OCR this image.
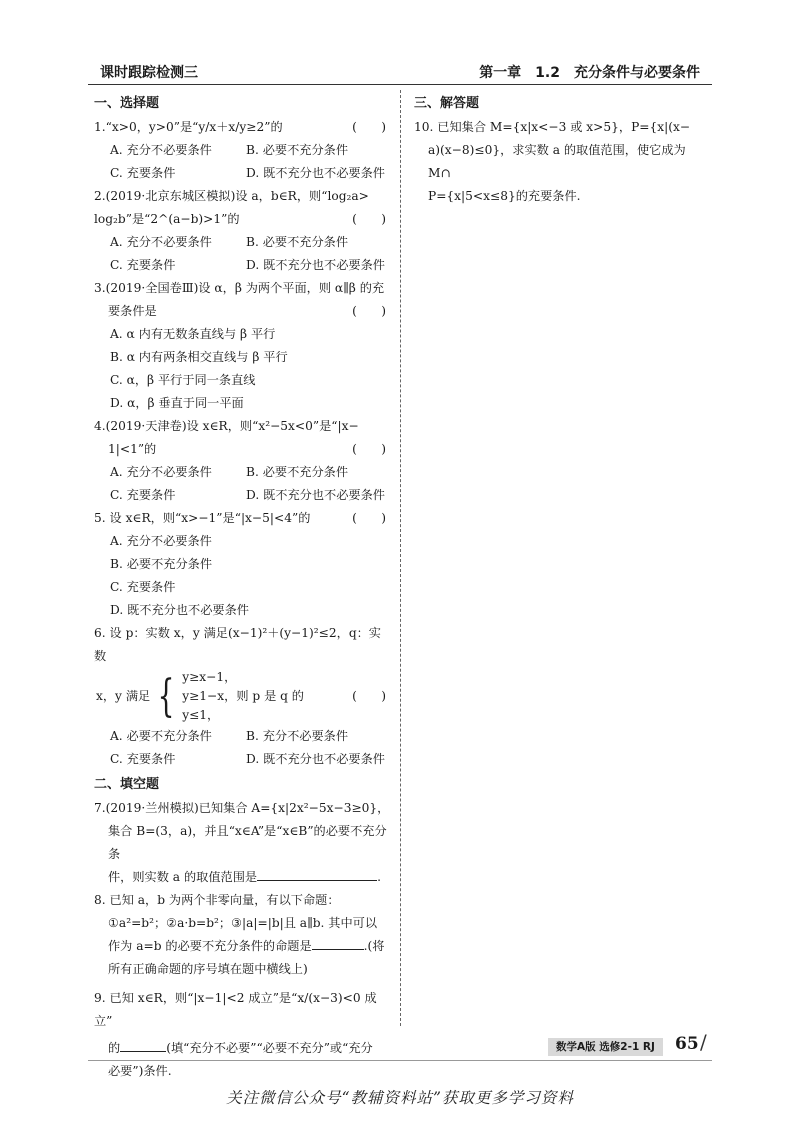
课时跟踪检测三	第一章　1.2　充分条件与必要条件
一、选择题
1.“x>0，y>0”是“y/x＋x/y≥2”的	(　　)
A. 充分不必要条件	B. 必要不充分条件
C. 充要条件	D. 既不充分也不必要条件
2.(2019·北京东城区模拟)设 a，b∈R，则“log₂a>
log₂b”是“2^(a−b)>1”的	(　　)
A. 充分不必要条件	B. 必要不充分条件
C. 充要条件	D. 既不充分也不必要条件
3.(2019·全国卷Ⅲ)设 α，β 为两个平面，则 α∥β 的充
要条件是	(　　)
A. α 内有无数条直线与 β 平行
B. α 内有两条相交直线与 β 平行
C. α，β 平行于同一条直线
D. α，β 垂直于同一平面
4.(2019·天津卷)设 x∈R，则“x²−5x<0”是“|x−
1|<1”的	(　　)
A. 充分不必要条件	B. 必要不充分条件
C. 充要条件	D. 既不充分也不必要条件
5. 设 x∈R，则“x>−1”是“|x−5|<4”的	(　　)
A. 充分不必要条件
B. 必要不充分条件
C. 充要条件
D. 既不充分也不必要条件
6. 设 p：实数 x，y 满足(x−1)²＋(y−1)²≤2，q：实数
x，y 满足 { y≥x−1，
y≥1−x，则 p 是 q 的
y≤1，
(　　)
A. 必要不充分条件	B. 充分不必要条件
C. 充要条件	D. 既不充分也不必要条件
二、填空题
7.(2019·兰州模拟)已知集合 A={x|2x²−5x−3≥0}，
集合 B=(3，a)，并且“x∈A”是“x∈B”的必要不充分条
件，则实数 a 的取值范围是	.
8. 已知 a，b 为两个非零向量，有以下命题：
①a²=b²；②a·b=b²；③|a|=|b|且 a∥b. 其中可以
作为 a=b 的必要不充分条件的命题是	.(将
所有正确命题的序号填在题中横线上)
9. 已知 x∈R，则“|x−1|<2 成立”是“x/(x−3)<0 成立”
的	(填“充分不必要”“必要不充分”或“充分
必要”)条件.
三、解答题
10. 已知集合 M={x|x<−3 或 x>5}，P={x|(x−
a)(x−8)≤0}，求实数 a 的取值范围，使它成为 M∩
P={x|5<x≤8}的充要条件.
数学A版 选修2-1 RJ	65 /
关注微信公众号“教辅资料站”获取更多学习资料
